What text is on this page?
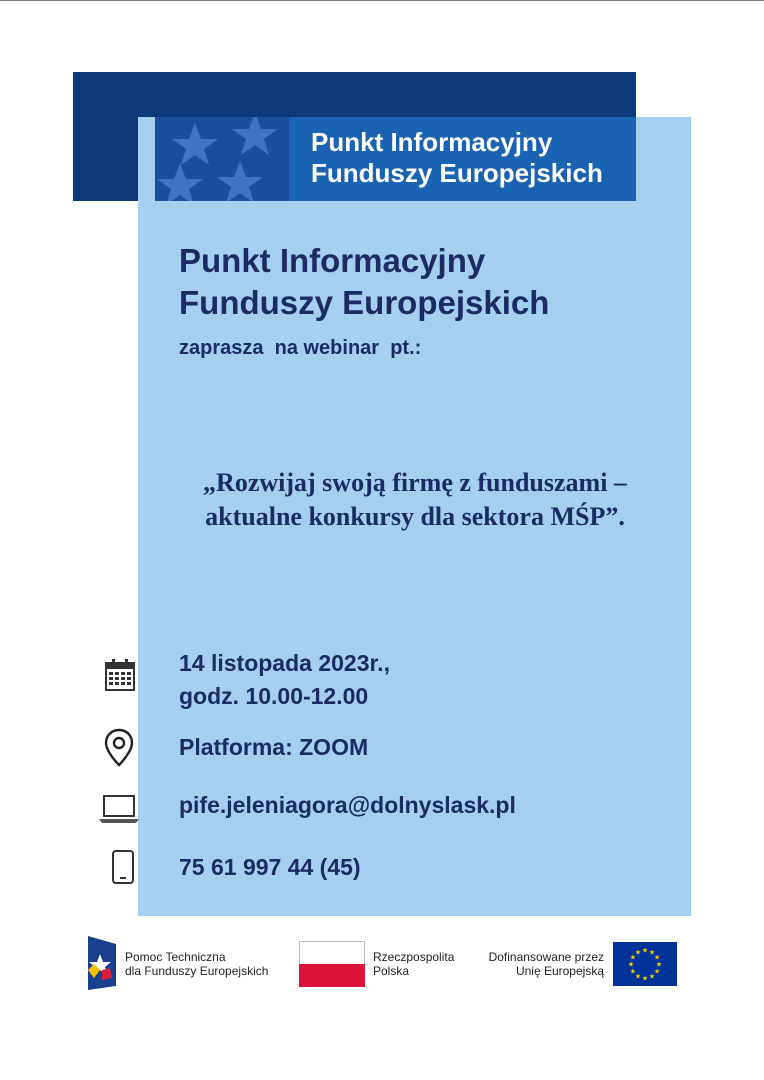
Punkt Informacyjny
Funduszy Europejskich
Punkt Informacyjny
Funduszy Europejskich
zaprasza  na webinar  pt.:
„Rozwijaj swoją firmę z funduszami –
aktualne konkursy dla sektora MŚP”.
14 listopada 2023r.,
godz. 10.00-12.00
Platforma: ZOOM
pife.jeleniagora@dolnyslask.pl
75 61 997 44 (45)
Pomoc Techniczna
dla Funduszy Europejskich
Rzeczpospolita
Polska
Dofinansowane przez
Unię Europejską
★ ★
★
★
★
★
★
★
★
★
★
★
